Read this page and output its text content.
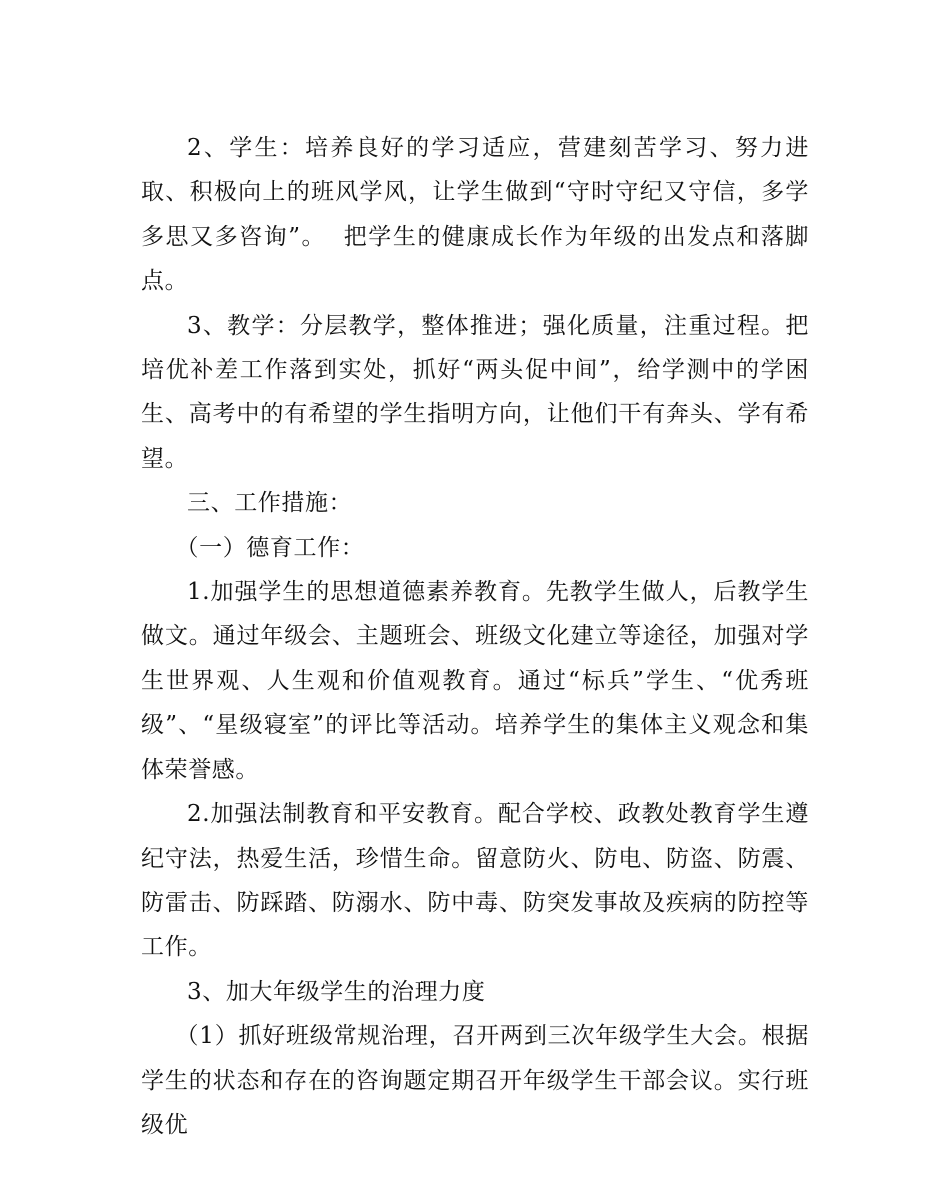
2、学生：培养良好的学习适应，营建刻苦学习、努力进取、积极向上的班风学风，让学生做到“守时守纪又守信，多学多思又多咨询”。  把学生的健康成长作为年级的出发点和落脚点。

3、教学：分层教学，整体推进；强化质量，注重过程。把培优补差工作落到实处，抓好“两头促中间”，给学测中的学困生、高考中的有希望的学生指明方向，让他们干有奔头、学有希望。

三、工作措施：

（一）德育工作：

1.加强学生的思想道德素养教育。先教学生做人，后教学生做文。通过年级会、主题班会、班级文化建立等途径，加强对学生世界观、人生观和价值观教育。通过“标兵”学生、“优秀班级”、“星级寝室”的评比等活动。培养学生的集体主义观念和集体荣誉感。

2.加强法制教育和平安教育。配合学校、政教处教育学生遵纪守法，热爱生活，珍惜生命。留意防火、防电、防盗、防震、防雷击、防踩踏、防溺水、防中毒、防突发事故及疾病的防控等工作。

3、加大年级学生的治理力度

（1）抓好班级常规治理，召开两到三次年级学生大会。根据学生的状态和存在的咨询题定期召开年级学生干部会议。实行班级优
